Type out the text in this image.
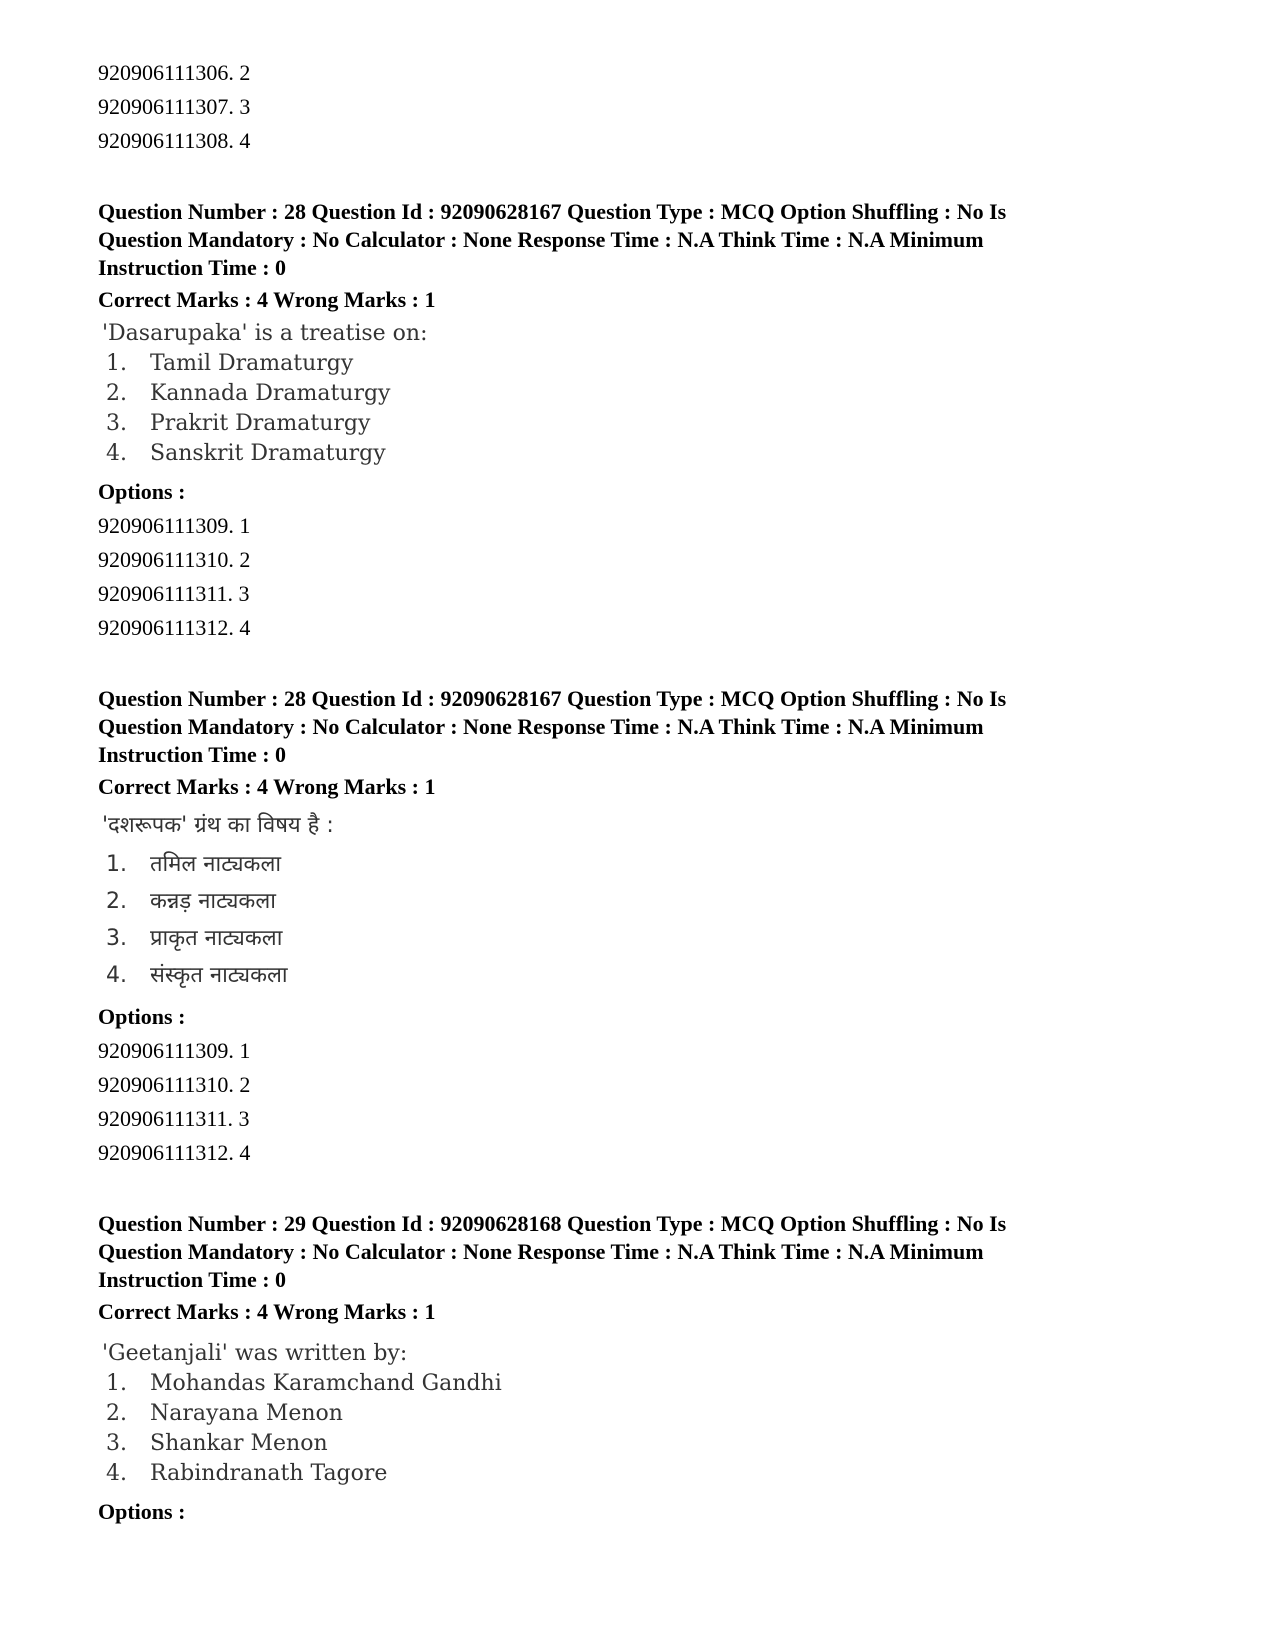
920906111306. 2
920906111307. 3
920906111308. 4

Question Number : 28 Question Id : 92090628167 Question Type : MCQ Option Shuffling : No Is

Question Mandatory : No Calculator : None Response Time : N.A Think Time : N.A Minimum

Instruction Time : 0

Correct Marks : 4 Wrong Marks : 1
'Dasarupaka' is a treatise on:
1.	Tamil Dramaturgy
2.	Kannada Dramaturgy
3.	Prakrit Dramaturgy
4.	Sanskrit Dramaturgy
Options :
920906111309. 1
920906111310. 2
920906111311. 3
920906111312. 4

Question Number : 28 Question Id : 92090628167 Question Type : MCQ Option Shuffling : No Is

Question Mandatory : No Calculator : None Response Time : N.A Think Time : N.A Minimum

Instruction Time : 0

Correct Marks : 4 Wrong Marks : 1
'दशरूपक' ग्रंथ का विषय है :
1.	तमिल नाट्यकला
2.	कन्नड़ नाट्यकला
3.	प्राकृत नाट्यकला
4.	संस्कृत नाट्यकला
Options :
920906111309. 1
920906111310. 2
920906111311. 3
920906111312. 4

Question Number : 29 Question Id : 92090628168 Question Type : MCQ Option Shuffling : No Is

Question Mandatory : No Calculator : None Response Time : N.A Think Time : N.A Minimum

Instruction Time : 0

Correct Marks : 4 Wrong Marks : 1
'Geetanjali' was written by:
1.	Mohandas Karamchand Gandhi
2.	Narayana Menon
3.	Shankar Menon
4.	Rabindranath Tagore
Options :
